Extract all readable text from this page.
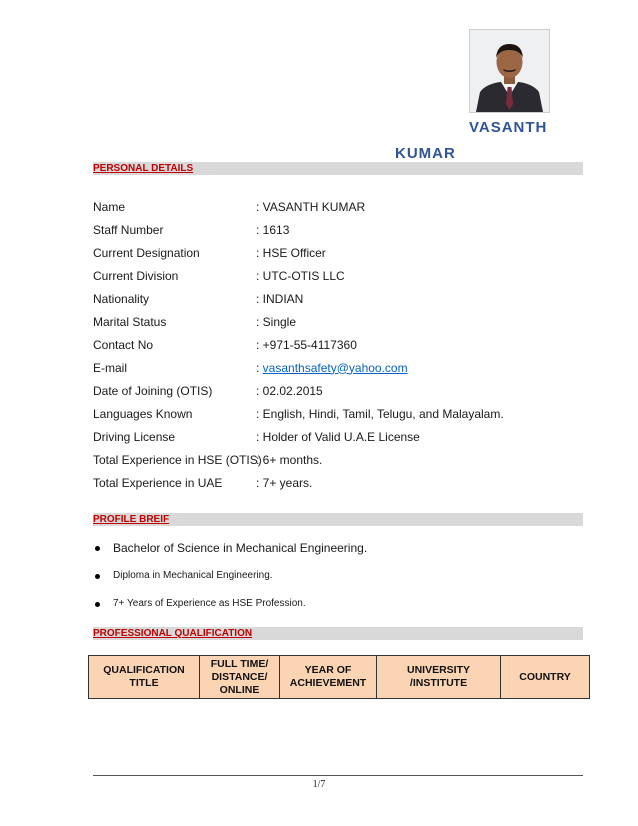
VASANTH
KUMAR
PERSONAL DETAILS
Name	: VASANTH KUMAR
Staff Number	: 1613
Current Designation	: HSE Officer
Current Division	: UTC-OTIS LLC
Nationality	: INDIAN
Marital Status	: Single
Contact No	: +971-55-4117360
E-mail	: vasanthsafety@yahoo.com
Date of Joining (OTIS)	: 02.02.2015
Languages Known	: English, Hindi, Tamil, Telugu, and Malayalam.
Driving License	: Holder of Valid U.A.E License
Total Experience in HSE (OTIS)
: 6+ months.
Total Experience in UAE	: 7+ years.
PROFILE BREIF
Bachelor of Science in Mechanical Engineering.
Diploma in Mechanical Engineering.
7+ Years of Experience as HSE Profession.
PROFESSIONAL QUALIFICATION
QUALIFICATION TITLE	FULL TIME/ DISTANCE/ ONLINE	YEAR OF ACHIEVEMENT	UNIVERSITY /INSTITUTE	COUNTRY
1/7
